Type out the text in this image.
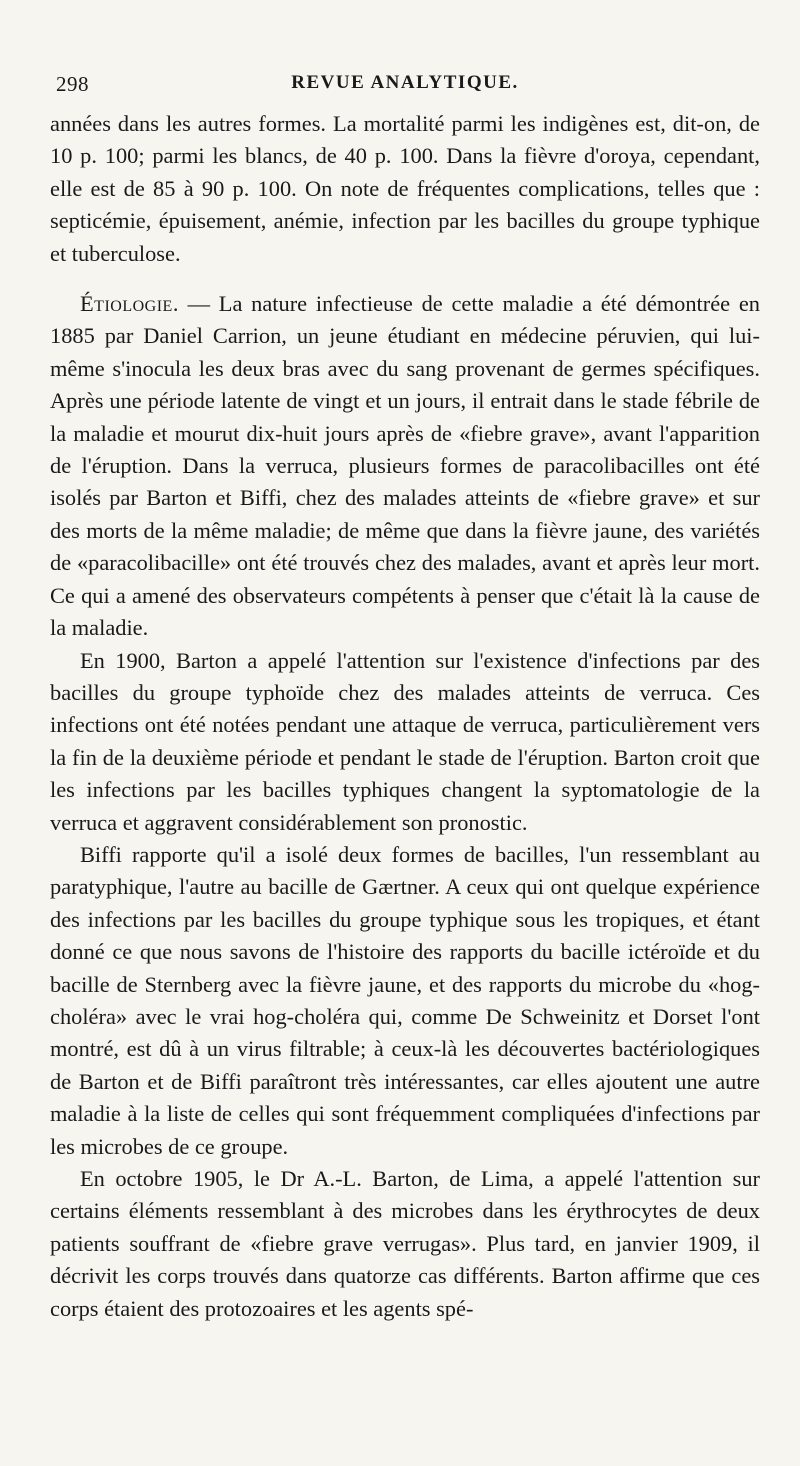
298	REVUE ANALYTIQUE.

années dans les autres formes. La mortalité parmi les indigènes est, dit-on, de 10 p. 100; parmi les blancs, de 40 p. 100. Dans la fièvre d'oroya, cependant, elle est de 85 à 90 p. 100. On note de fréquentes complications, telles que : septicémie, épuisement, anémie, infection par les bacilles du groupe typhique et tuberculose.

Étiologie. — La nature infectieuse de cette maladie a été démontrée en 1885 par Daniel Carrion, un jeune étudiant en médecine péruvien, qui lui-même s'inocula les deux bras avec du sang provenant de germes spécifiques. Après une période latente de vingt et un jours, il entrait dans le stade fébrile de la maladie et mourut dix-huit jours après de «fiebre grave», avant l'apparition de l'éruption. Dans la verruca, plusieurs formes de paracolibacilles ont été isolés par Barton et Biffi, chez des malades atteints de «fiebre grave» et sur des morts de la même maladie; de même que dans la fièvre jaune, des variétés de «paracolibacille» ont été trouvés chez des malades, avant et après leur mort. Ce qui a amené des observateurs compétents à penser que c'était là la cause de la maladie.

En 1900, Barton a appelé l'attention sur l'existence d'infections par des bacilles du groupe typhoïde chez des malades atteints de verruca. Ces infections ont été notées pendant une attaque de verruca, particulièrement vers la fin de la deuxième période et pendant le stade de l'éruption. Barton croit que les infections par les bacilles typhiques changent la syptomatologie de la verruca et aggravent considérablement son pronostic.

Biffi rapporte qu'il a isolé deux formes de bacilles, l'un ressemblant au paratyphique, l'autre au bacille de Gærtner. A ceux qui ont quelque expérience des infections par les bacilles du groupe typhique sous les tropiques, et étant donné ce que nous savons de l'histoire des rapports du bacille ictéroïde et du bacille de Sternberg avec la fièvre jaune, et des rapports du microbe du «hog-choléra» avec le vrai hog-choléra qui, comme De Schweinitz et Dorset l'ont montré, est dû à un virus filtrable; à ceux-là les découvertes bactériologiques de Barton et de Biffi paraîtront très intéressantes, car elles ajoutent une autre maladie à la liste de celles qui sont fréquemment compliquées d'infections par les microbes de ce groupe.

En octobre 1905, le Dr A.-L. Barton, de Lima, a appelé l'attention sur certains éléments ressemblant à des microbes dans les érythrocytes de deux patients souffrant de «fiebre grave verrugas». Plus tard, en janvier 1909, il décrivit les corps trouvés dans quatorze cas différents. Barton affirme que ces corps étaient des protozoaires et les agents spé-
